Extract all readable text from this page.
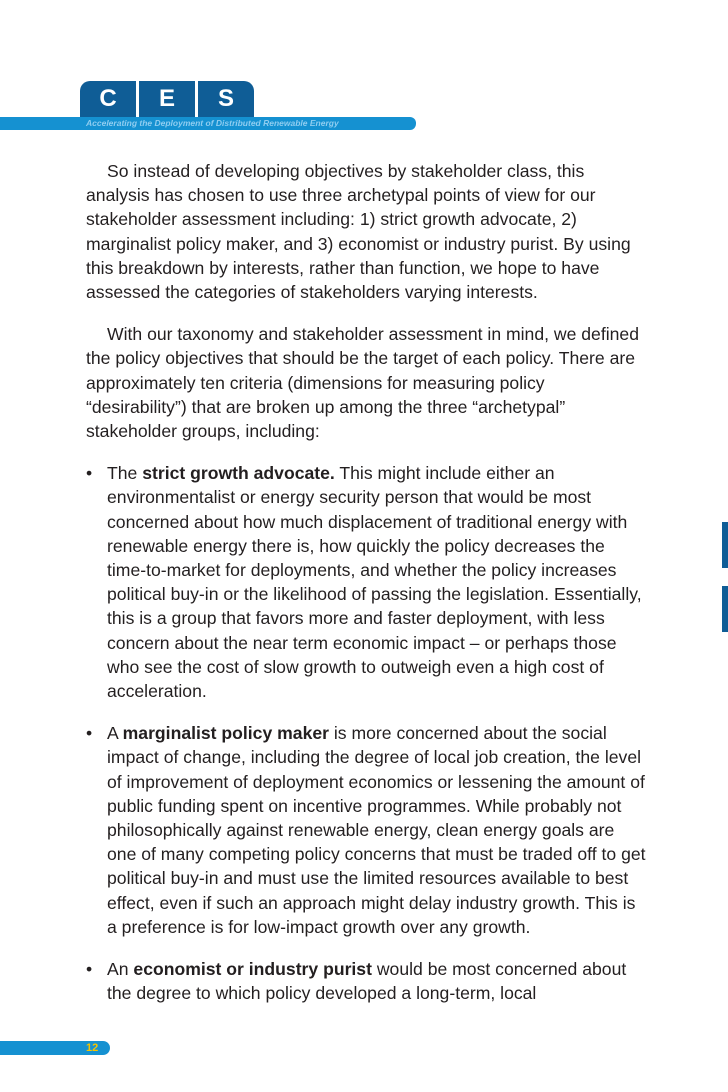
C	E	S
Accelerating the Deployment of Distributed Renewable Energy

So instead of developing objectives by stakeholder class, this analysis has chosen to use three archetypal points of view for our stakeholder assessment including: 1) strict growth advocate, 2) marginalist policy maker, and 3) economist or industry purist. By using this breakdown by interests, rather than function, we hope to have assessed the categories of stakeholders varying interests.

With our taxonomy and stakeholder assessment in mind, we defined the policy objectives that should be the target of each policy. There are approximately ten criteria (dimensions for measuring policy “desirability”) that are broken up among the three “archetypal” stakeholder groups, including:

• The strict growth advocate. This might include either an environmentalist or energy security person that would be most concerned about how much displacement of traditional energy with renewable energy there is, how quickly the policy decreases the time-to-market for deployments, and whether the policy increases political buy-in or the likelihood of passing the legislation. Essentially, this is a group that favors more and faster deployment, with less concern about the near term economic impact – or perhaps those who see the cost of slow growth to outweigh even a high cost of acceleration.
• A marginalist policy maker is more concerned about the social impact of change, including the degree of local job creation, the level of improvement of deployment economics or lessening the amount of public funding spent on incentive programmes. While probably not philosophically against renewable energy, clean energy goals are one of many competing policy concerns that must be traded off to get political buy-in and must use the limited resources available to best effect, even if such an approach might delay industry growth. This is a preference is for low-impact growth over any growth.
• An economist or industry purist would be most concerned about the degree to which policy developed a long-term, local
12
